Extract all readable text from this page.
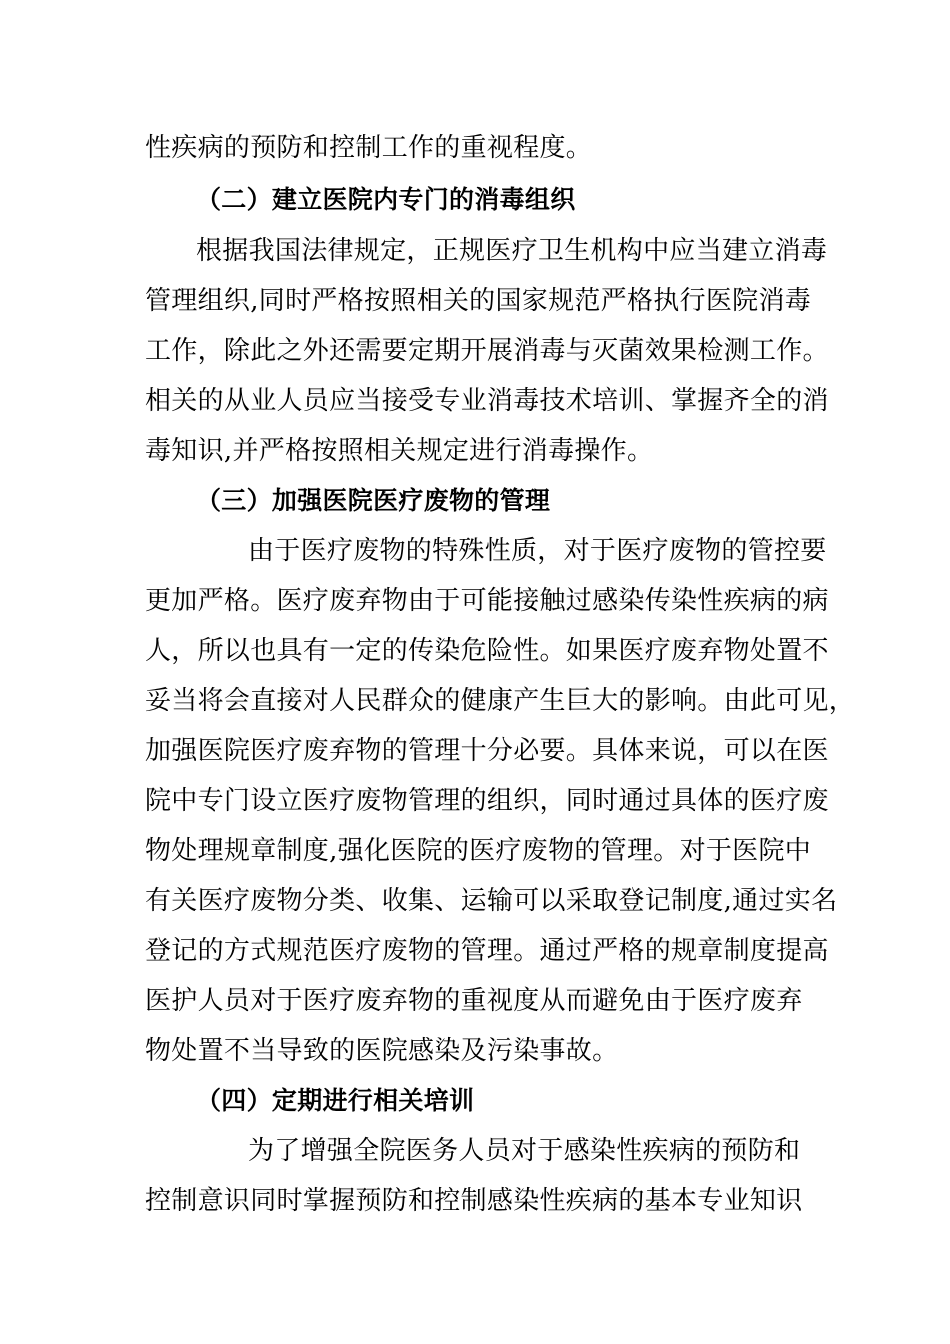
性疾病的预防和控制工作的重视程度。
（二）建立医院内专门的消毒组织
根据我国法律规定，正规医疗卫生机构中应当建立消毒
管理组织,同时严格按照相关的国家规范严格执行医院消毒
工作，除此之外还需要定期开展消毒与灭菌效果检测工作。
相关的从业人员应当接受专业消毒技术培训、掌握齐全的消
毒知识,并严格按照相关规定进行消毒操作。
（三）加强医院医疗废物的管理
由于医疗废物的特殊性质，对于医疗废物的管控要
更加严格。医疗废弃物由于可能接触过感染传染性疾病的病
人，所以也具有一定的传染危险性。如果医疗废弃物处置不
妥当将会直接对人民群众的健康产生巨大的影响。由此可见，
加强医院医疗废弃物的管理十分必要。具体来说，可以在医
院中专门设立医疗废物管理的组织，同时通过具体的医疗废
物处理规章制度,强化医院的医疗废物的管理。对于医院中
有关医疗废物分类、收集、运输可以采取登记制度,通过实名
登记的方式规范医疗废物的管理。通过严格的规章制度提高
医护人员对于医疗废弃物的重视度从而避免由于医疗废弃
物处置不当导致的医院感染及污染事故。
（四）定期进行相关培训
为了增强全院医务人员对于感染性疾病的预防和
控制意识同时掌握预防和控制感染性疾病的基本专业知识
